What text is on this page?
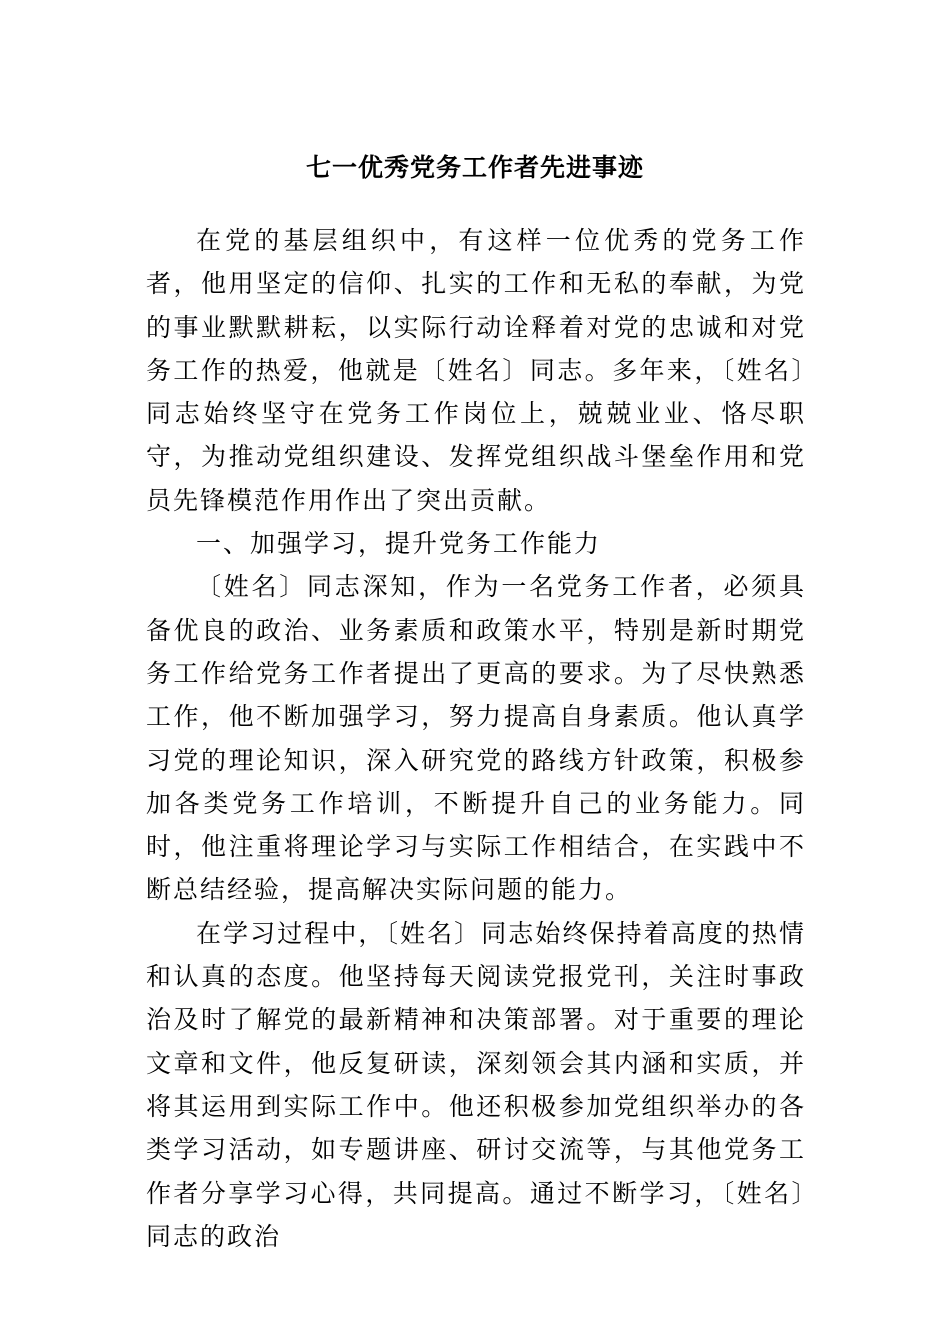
七一优秀党务工作者先进事迹

在党的基层组织中，有这样一位优秀的党务工作者，他用坚定的信仰、扎实的工作和无私的奉献，为党的事业默默耕耘，以实际行动诠释着对党的忠诚和对党务工作的热爱，他就是〔姓名〕同志。多年来，〔姓名〕同志始终坚守在党务工作岗位上，兢兢业业、恪尽职守，为推动党组织建设、发挥党组织战斗堡垒作用和党员先锋模范作用作出了突出贡献。

一、加强学习，提升党务工作能力

〔姓名〕同志深知，作为一名党务工作者，必须具备优良的政治、业务素质和政策水平，特别是新时期党务工作给党务工作者提出了更高的要求。为了尽快熟悉工作，他不断加强学习，努力提高自身素质。他认真学习党的理论知识，深入研究党的路线方针政策，积极参加各类党务工作培训，不断提升自己的业务能力。同时，他注重将理论学习与实际工作相结合，在实践中不断总结经验，提高解决实际问题的能力。

在学习过程中，〔姓名〕同志始终保持着高度的热情和认真的态度。他坚持每天阅读党报党刊，关注时事政治及时了解党的最新精神和决策部署。对于重要的理论文章和文件，他反复研读，深刻领会其内涵和实质，并将其运用到实际工作中。他还积极参加党组织举办的各类学习活动，如专题讲座、研讨交流等，与其他党务工作者分享学习心得，共同提高。通过不断学习，〔姓名〕同志的政治
